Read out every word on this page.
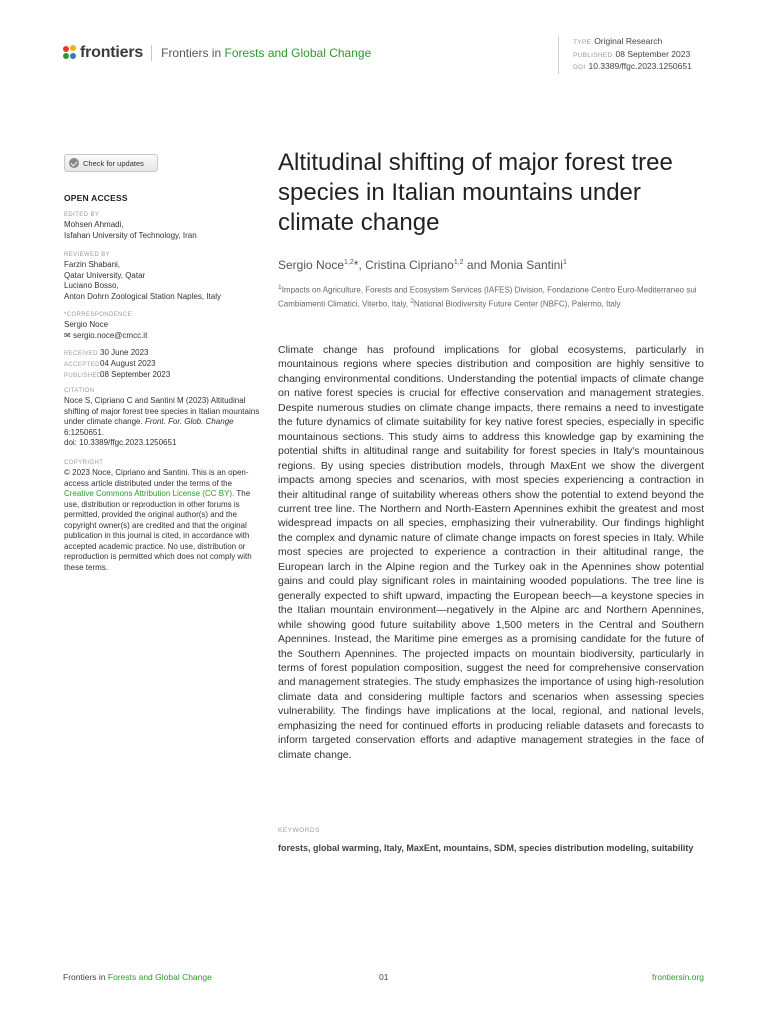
frontiers Frontiers in Forests and Global Change
TYPE Original Research
PUBLISHED 08 September 2023
DOI 10.3389/ffgc.2023.1250651
Check for updates
OPEN ACCESS
EDITED BY
Mohsen Ahmadi,
Isfahan University of Technology, Iran
REVIEWED BY
Farzin Shabani,
Qatar University, Qatar
Luciano Bosso,
Anton Dohrn Zoological Station Naples, Italy
*CORRESPONDENCE
Sergio Noce
✉ sergio.noce@cmcc.it
RECEIVED 30 June 2023
ACCEPTED04 August 2023
PUBLISHED08 September 2023
CITATION
Noce S, Cipriano C and Santini M (2023) Altitudinal shifting of major forest tree species in Italian mountains under climate change. Front. For. Glob. Change 6:1250651.
doi: 10.3389/ffgc.2023.1250651
COPYRIGHT
© 2023 Noce, Cipriano and Santini. This is an open-access article distributed under the terms of the Creative Commons Attribution License (CC BY). The use, distribution or reproduction in other forums is permitted, provided the original author(s) and the copyright owner(s) are credited and that the original publication in this journal is cited, in accordance with accepted academic practice. No use, distribution or reproduction is permitted which does not comply with these terms.
Altitudinal shifting of major forest tree species in Italian mountains under climate change
Sergio Noce$^{1,2}$*, Cristina Cipriano$^{1,2}$ and Monia Santini$^1$
$^1$Impacts on Agriculture, Forests and Ecosystem Services (IAFES) Division, Fondazione Centro Euro-Mediterraneo sui Cambiamenti Climatici, Viterbo, Italy, $^2$National Biodiversity Future Center (NBFC), Palermo, Italy

Climate change has profound implications for global ecosystems, particularly in mountainous regions where species distribution and composition are highly sensitive to changing environmental conditions. Understanding the potential impacts of climate change on native forest species is crucial for effective conservation and management strategies. Despite numerous studies on climate change impacts, there remains a need to investigate the future dynamics of climate suitability for key native forest species, especially in specific mountainous sections. This study aims to address this knowledge gap by examining the potential shifts in altitudinal range and suitability for forest species in Italy's mountainous regions. By using species distribution models, through MaxEnt we show the divergent impacts among species and scenarios, with most species experiencing a contraction in their altitudinal range of suitability whereas others show the potential to extend beyond the current tree line. The Northern and North-Eastern Apennines exhibit the greatest and most widespread impacts on all species, emphasizing their vulnerability. Our findings highlight the complex and dynamic nature of climate change impacts on forest species in Italy. While most species are projected to experience a contraction in their altitudinal range, the European larch in the Alpine region and the Turkey oak in the Apennines show potential gains and could play significant roles in maintaining wooded populations. The tree line is generally expected to shift upward, impacting the European beech—a keystone species in the Italian mountain environment—negatively in the Alpine arc and Northern Apennines, while showing good future suitability above 1,500 meters in the Central and Southern Apennines. Instead, the Maritime pine emerges as a promising candidate for the future of the Southern Apennines. The projected impacts on mountain biodiversity, particularly in terms of forest population composition, suggest the need for comprehensive conservation and management strategies. The study emphasizes the importance of using high-resolution climate data and considering multiple factors and scenarios when assessing species vulnerability. The findings have implications at the local, regional, and national levels, emphasizing the need for continued efforts in producing reliable datasets and forecasts to inform targeted conservation efforts and adaptive management strategies in the face of climate change.

KEYWORDS
forests, global warming, Italy, MaxEnt, mountains, SDM, species distribution modeling, suitability
Frontiers in Forests and Global Change	01	frontiersin.org
